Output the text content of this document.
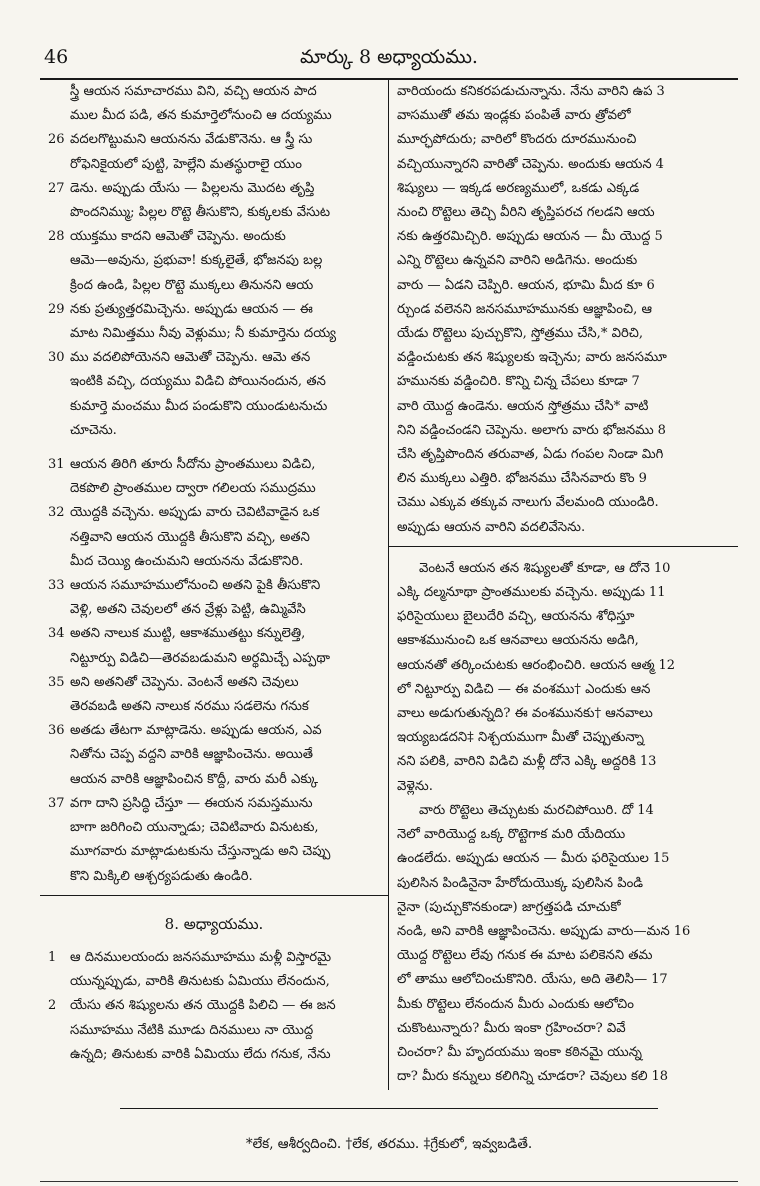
46	మార్కు 8 అధ్యాయము.
స్త్రీ ఆయన సమాచారము విని, వచ్చి ఆయన పాద
ముల మీద పడి, తన కుమార్తెలోనుంచి ఆ దయ్యము
26 వదలగొట్టుమని ఆయనను వేడుకొనెను. ఆ స్త్రీ సు
రోఫెనికైయలో పుట్టి, హెల్లేని మతస్థురాలై యుం
27 డెను. అప్పుడు యేసు — పిల్లలను మొదట తృప్తి
పొందనిమ్ము; పిల్లల రొట్టె తీసుకొని, కుక్కలకు వేసుట
28 యుక్తము కాదని ఆమెతో చెప్పెను. అందుకు
ఆమె—అవును, ప్రభువా! కుక్కలైతే, భోజనపు బల్ల
క్రింద ఉండి, పిల్లల రొట్టె ముక్కలు తినునని ఆయ
29 నకు ప్రత్యుత్తరమిచ్చెను. అప్పుడు ఆయన — ఈ
మాట నిమిత్తము నీవు వెళ్లుము; నీ కుమార్తెను దయ్య
30 ము వదలిపోయెనని ఆమెతో చెప్పెను. ఆమె తన
ఇంటికి వచ్చి, దయ్యము విడిచి పోయినందున, తన
కుమార్తె మంచము మీద పండుకొని యుండుటనుచు
చూచెను.
31 ఆయన తిరిగి తూరు సీదోను ప్రాంతములు విడిచి,
దెకపొలి ప్రాంతముల ద్వారా గలిలయ సముద్రము
32 యొద్దకి వచ్చెను. అప్పుడు వారు చెవిటివాడైన ఒక
నత్తివాని ఆయన యొద్దకి తీసుకొని వచ్చి, అతని
మీద చెయ్యి ఉంచుమని ఆయనను వేడుకొనిరి.
33 ఆయన సమూహములోనుంచి అతని పైకి తీసుకొని
వెళ్లి, అతని చెవులలో తన వ్రేళ్లు పెట్టి, ఉమ్మివేసి
34 అతని నాలుక ముట్టి, ఆకాశముతట్టు కన్నులెత్తి,
నిట్టూర్పు విడిచి—తెరవబడుమని అర్థమిచ్చే ఎప్పథా
35 అని అతనితో చెప్పెను. వెంటనే అతని చెవులు
తెరవబడి అతని నాలుక నరము సడలెను గనుక
36 అతడు తేటగా మాట్లాడెను. అప్పుడు ఆయన, ఎవ
నితోను చెప్ప వద్దని వారికి ఆజ్ఞాపించెను. అయితే
ఆయన వారికి ఆజ్ఞాపించిన కొద్దీ, వారు మరీ ఎక్కు
37 వగా దాని ప్రసిద్ధి చేస్తూ — ఈయన సమస్తమును
బాగా జరిగించి యున్నాడు; చెవిటివారు వినుటకు,
మూగవారు మాట్లాడుటకును చేస్తున్నాడు అని చెప్పు
కొని మిక్కిలి ఆశ్చర్యపడుతు ఉండిరి.
8. అధ్యాయము.
1 ఆ దినములయందు జనసమూహము మళ్లీ విస్తారమై
యున్నప్పుడు, వారికి తినుటకు ఏమియు లేనందున,
2 యేసు తన శిష్యులను తన యొద్దకి పిలిచి — ఈ జన
సమూహము నేటికి మూడు దినములు నా యొద్ద
ఉన్నది; తినుటకు వారికి ఏమియు లేదు గనుక, నేను
వారియందు కనికరపడుచున్నాను. నేను వారిని ఉప 3
వాసముతో తమ ఇండ్లకు పంపితే వారు త్రోవలో
మూర్ఛపోదురు; వారిలో కొందరు దూరమునుంచి
వచ్చియున్నారని వారితో చెప్పెను. అందుకు ఆయన 4
శిష్యులు — ఇక్కడ అరణ్యములో, ఒకడు ఎక్కడ
నుంచి రొట్టెలు తెచ్చి వీరిని తృప్తిపరచ గలడని ఆయ
నకు ఉత్తరమిచ్చిరి. అప్పుడు ఆయన — మీ యొద్ద 5
ఎన్ని రొట్టెలు ఉన్నవని వారిని అడిగెను. అందుకు
వారు — ఏడని చెప్పిరి. ఆయన, భూమి మీద కూ 6
ర్చుండ వలెనని జనసమూహమునకు ఆజ్ఞాపించి, ఆ
యేడు రొట్టెలు పుచ్చుకొని, స్తోత్రము చేసి,* విరిచి,
వడ్డించుటకు తన శిష్యులకు ఇచ్చెను; వారు జనసమూ
హమునకు వడ్డించిరి. కొన్ని చిన్న చేపలు కూడా 7
వారి యొద్ద ఉండెను. ఆయన స్తోత్రము చేసి* వాటి
నిని వడ్డించండని చెప్పెను. అలాగు వారు భోజనము 8
చేసి తృప్తిపొందిన తరువాత, ఏడు గంపల నిండా మిగి
లిన ముక్కలు ఎత్తిరి. భోజనము చేసినవారు కొం 9
చెము ఎక్కువ తక్కువ నాలుగు వేలమంది యుండిరి.
అప్పుడు ఆయన వారిని వదలివేసెను.
వెంటనే ఆయన తన శిష్యులతో కూడా, ఆ దోనె 10
ఎక్కి దల్మనూథా ప్రాంతములకు వచ్చెను. అప్పుడు 11
ఫరిసైయులు బైలుదేరి వచ్చి, ఆయనను శోధిస్తూ
ఆకాశమునుంచి ఒక ఆనవాలు ఆయనను అడిగి,
ఆయనతో తర్కించుటకు ఆరంభించిరి. ఆయన ఆత్మ 12
లో నిట్టూర్పు విడిచి — ఈ వంశము† ఎందుకు ఆన
వాలు అడుగుతున్నది? ఈ వంశమునకు† ఆనవాలు
ఇయ్యబడదని‡ నిశ్చయముగా మీతో చెప్పుతున్నా
నని పలికి, వారిని విడిచి మళ్లీ దోనె ఎక్కి అద్దరికి 13
వెళ్లెను.
వారు రొట్టెలు తెచ్చుటకు మరచిపోయిరి. దో 14
నెలో వారియొద్ద ఒక్క రొట్టెగాక మరి యేదియు
ఉండలేదు. అప్పుడు ఆయన — మీరు ఫరిసైయుల 15
పులిసిన పిండినైనా హేరోదుయొక్క పులిసిన పిండి
నైనా (పుచ్చుకొనకుండా) జాగ్రత్తపడి చూచుకో
నండి, అని వారికి ఆజ్ఞాపించెను. అప్పుడు వారు—మన 16
యొద్ద రొట్టెలు లేవు గనుక ఈ మాట పలికెనని తమ
లో తాము ఆలోచించుకొనిరి. యేసు, అది తెలిసి— 17
మీకు రొట్టెలు లేనందున మీరు ఎందుకు ఆలోచిం
చుకొంటున్నారు? మీరు ఇంకా గ్రహించరా? వివే
చించరా? మీ హృదయము ఇంకా కఠినమై యున్న
దా? మీరు కన్నులు కలిగిన్ని చూడరా? చెవులు కలి 18
*లేక, ఆశీర్వదించి. †లేక, తరము. ‡గ్రేకులో, ఇవ్వబడితే.
